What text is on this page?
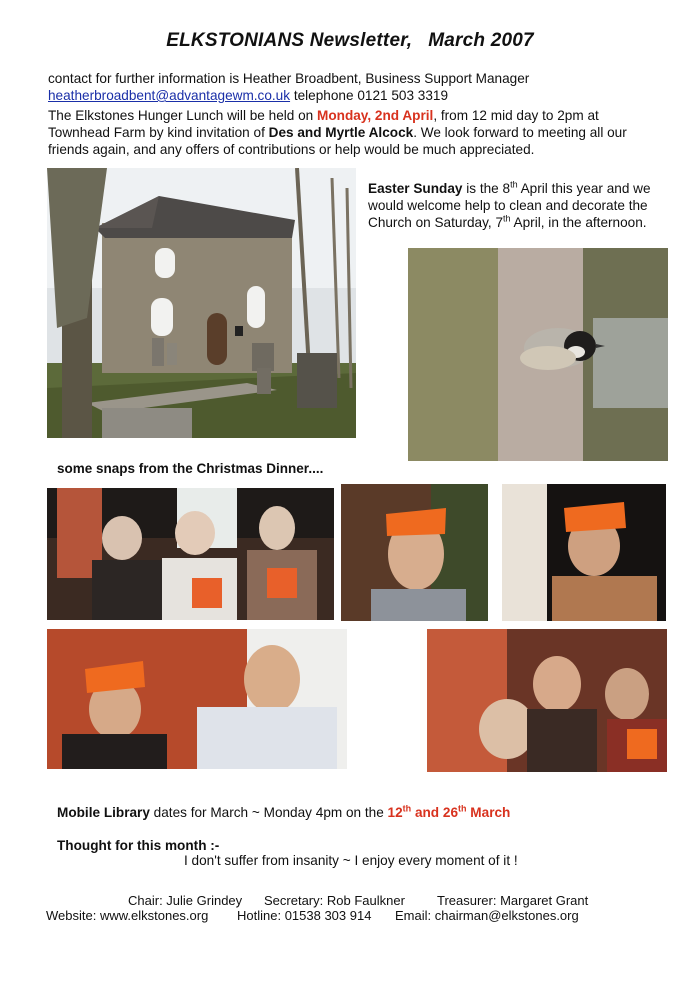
ELKSTONIANS Newsletter, March 2007
contact for further information is Heather Broadbent, Business Support Manager
heatherbroadbent@advantagewm.co.uk telephone 0121 503 3319
The Elkstones Hunger Lunch will be held on Monday, 2nd April, from 12 mid day to 2pm at
Townhead Farm by kind invitation of Des and Myrtle Alcock. We look forward to meeting all our
friends again, and any offers of contributions or help would be much appreciated.
Easter Sunday is the 8th April this year and we
would welcome help to clean and decorate the
Church on Saturday, 7th April, in the afternoon.
some snaps from the Christmas Dinner....
Mobile Library dates for March ~ Monday 4pm on the 12th and 26th March
Thought for this month :-
I don't suffer from insanity ~ I enjoy every moment of it !
Chair: Julie Grindey Secretary: Rob Faulkner Treasurer: Margaret Grant
Website: www.elkstones.org Hotline: 01538 303 914 Email: chairman@elkstones.org
